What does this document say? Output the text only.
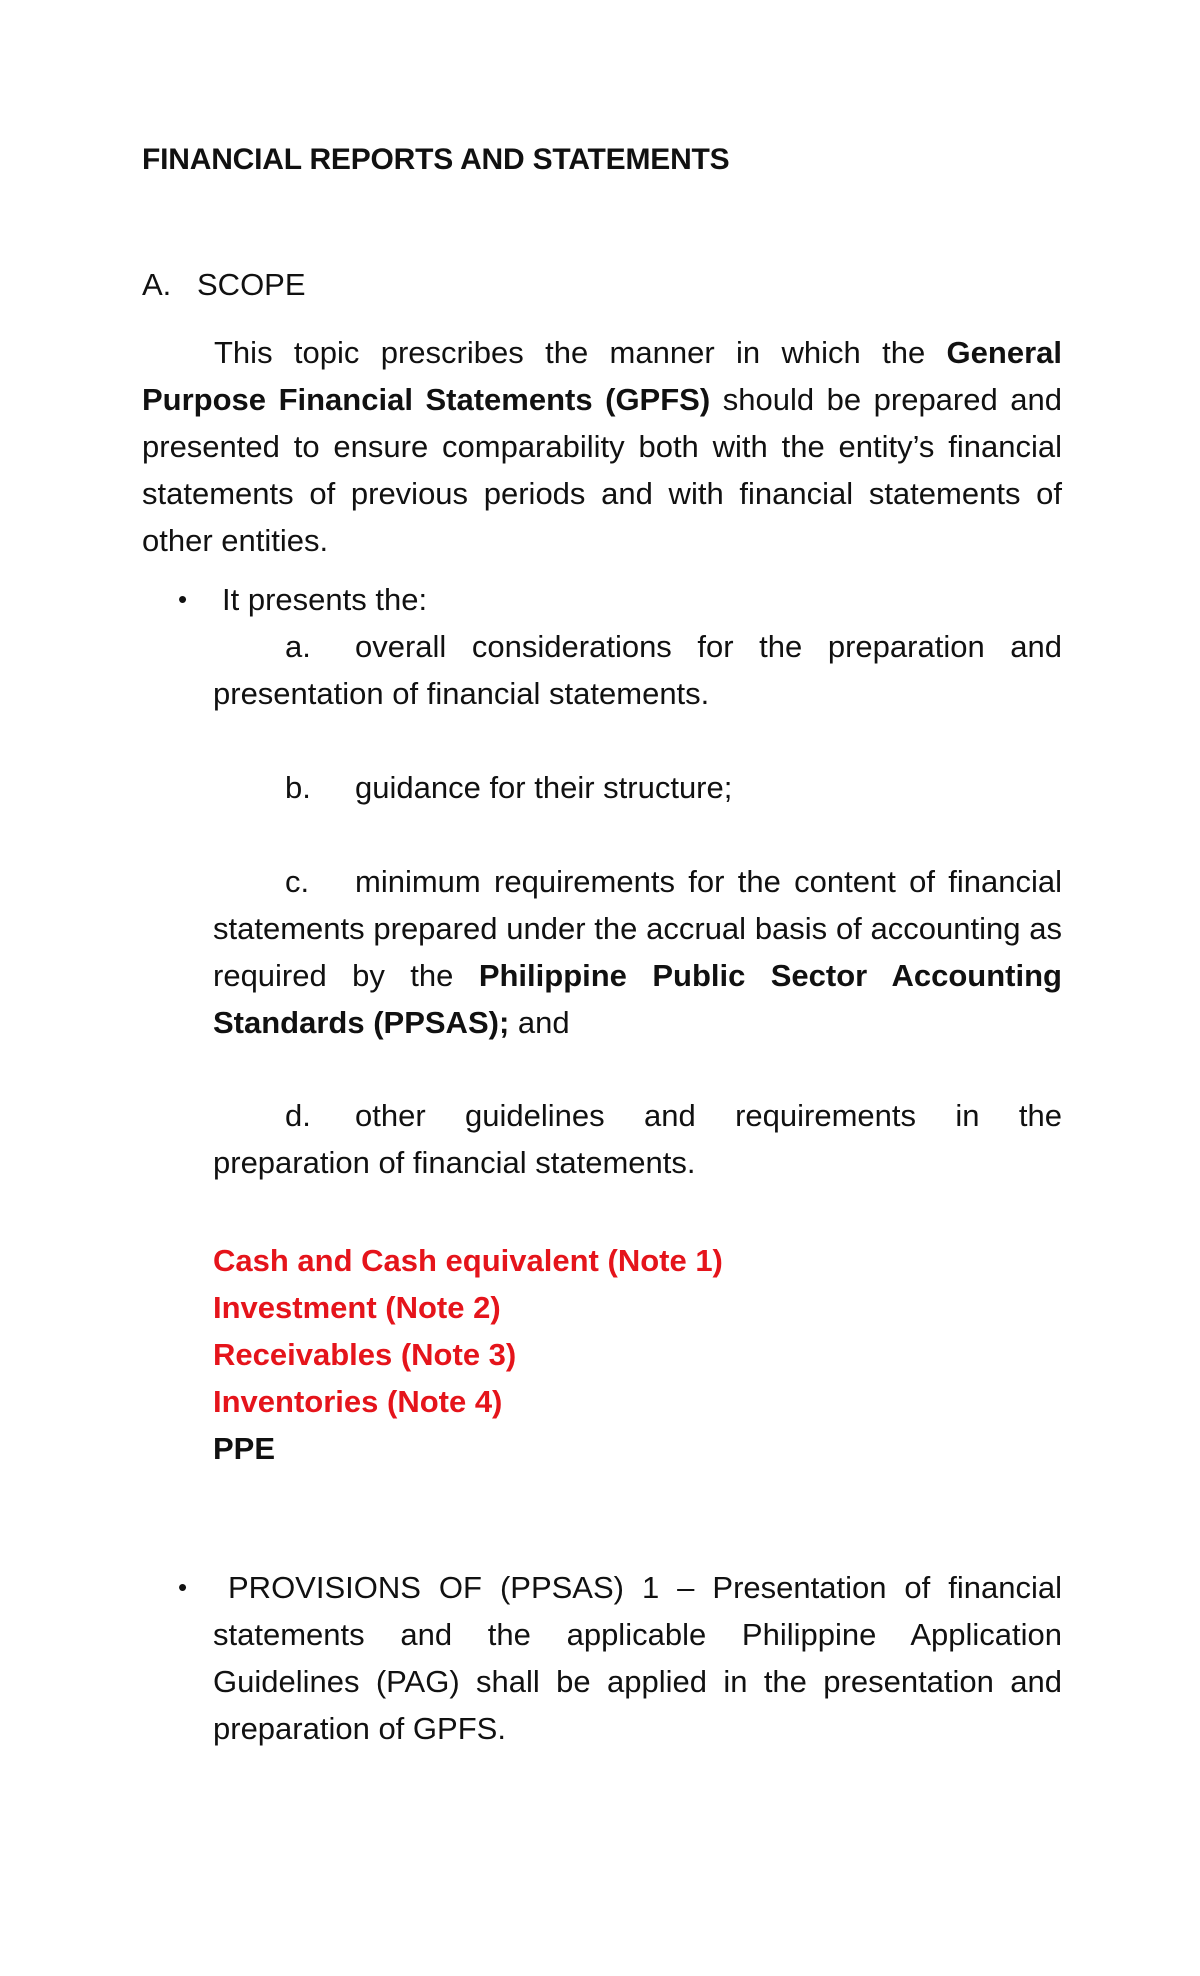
FINANCIAL REPORTS AND STATEMENTS
A. SCOPE
This topic prescribes the manner in which the General Purpose Financial Statements (GPFS) should be prepared and presented to ensure comparability both with the entity’s financial statements of previous periods and with financial statements of other entities.
• It presents the:
a. overall considerations for the preparation and presentation of financial statements.
b. guidance for their structure;
c. minimum requirements for the content of financial statements prepared under the accrual basis of accounting as required by the Philippine Public Sector Accounting Standards (PPSAS); and
d. other guidelines and requirements in the preparation of financial statements.
Cash and Cash equivalent (Note 1)
Investment (Note 2)
Receivables (Note 3)
Inventories (Note 4)
PPE
•	PROVISIONS OF (PPSAS) 1 – Presentation of financial statements and the applicable Philippine Application Guidelines (PAG) shall be applied in the presentation and preparation of GPFS.
